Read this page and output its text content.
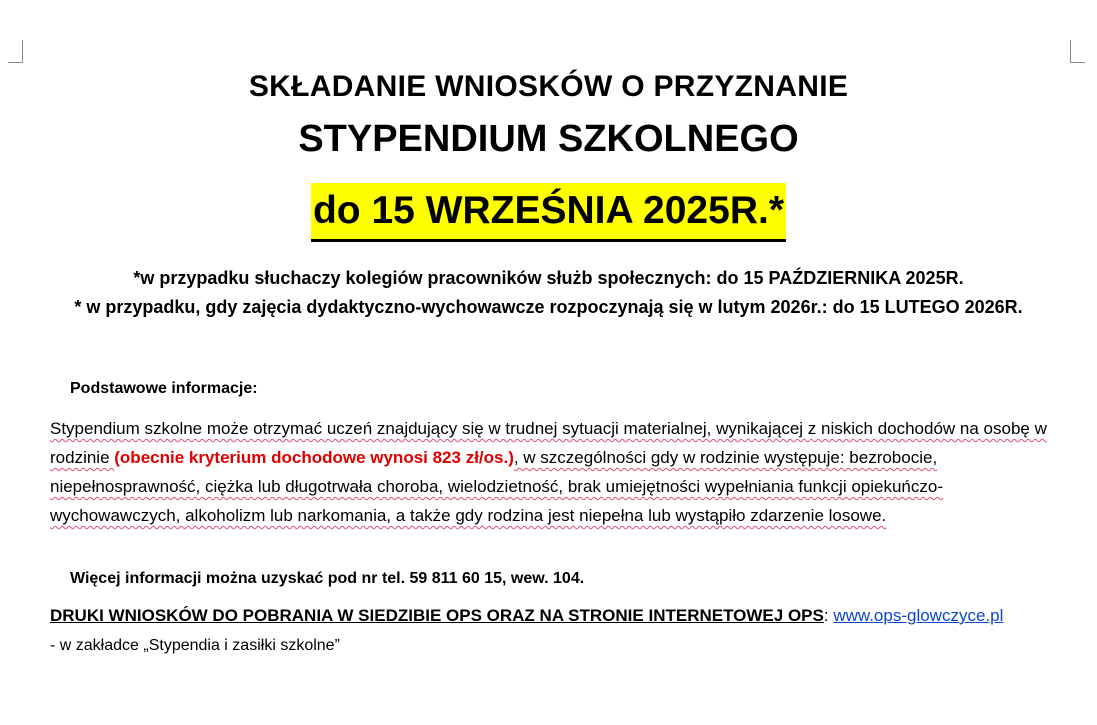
SKŁADANIE WNIOSKÓW O PRZYZNANIE
STYPENDIUM SZKOLNEGO
do 15 WRZEŚNIA 2025R.*
*w przypadku słuchaczy kolegiów pracowników służb społecznych: do 15 PAŹDZIERNIKA 2025R.
* w przypadku, gdy zajęcia dydaktyczno-wychowawcze rozpoczynają się w lutym 2026r.: do 15 LUTEGO 2026R.
Podstawowe informacje:
Stypendium szkolne może otrzymać uczeń znajdujący się w trudnej sytuacji materialnej, wynikającej z niskich dochodów na osobę w rodzinie (obecnie kryterium dochodowe wynosi 823 zł/os.), w szczególności gdy w rodzinie występuje: bezrobocie, niepełnosprawność, ciężka lub długotrwała choroba, wielodzietność, brak umiejętności wypełniania funkcji opiekuńczo-wychowawczych, alkoholizm lub narkomania, a także gdy rodzina jest niepełna lub wystąpiło zdarzenie losowe.
Więcej informacji można uzyskać pod nr tel. 59 811 60 15, wew. 104.
DRUKI WNIOSKÓW DO POBRANIA W SIEDZIBIE OPS ORAZ NA STRONIE INTERNETOWEJ OPS: www.ops-glowczyce.pl
- w zakładce „Stypendia i zasiłki szkolne”
